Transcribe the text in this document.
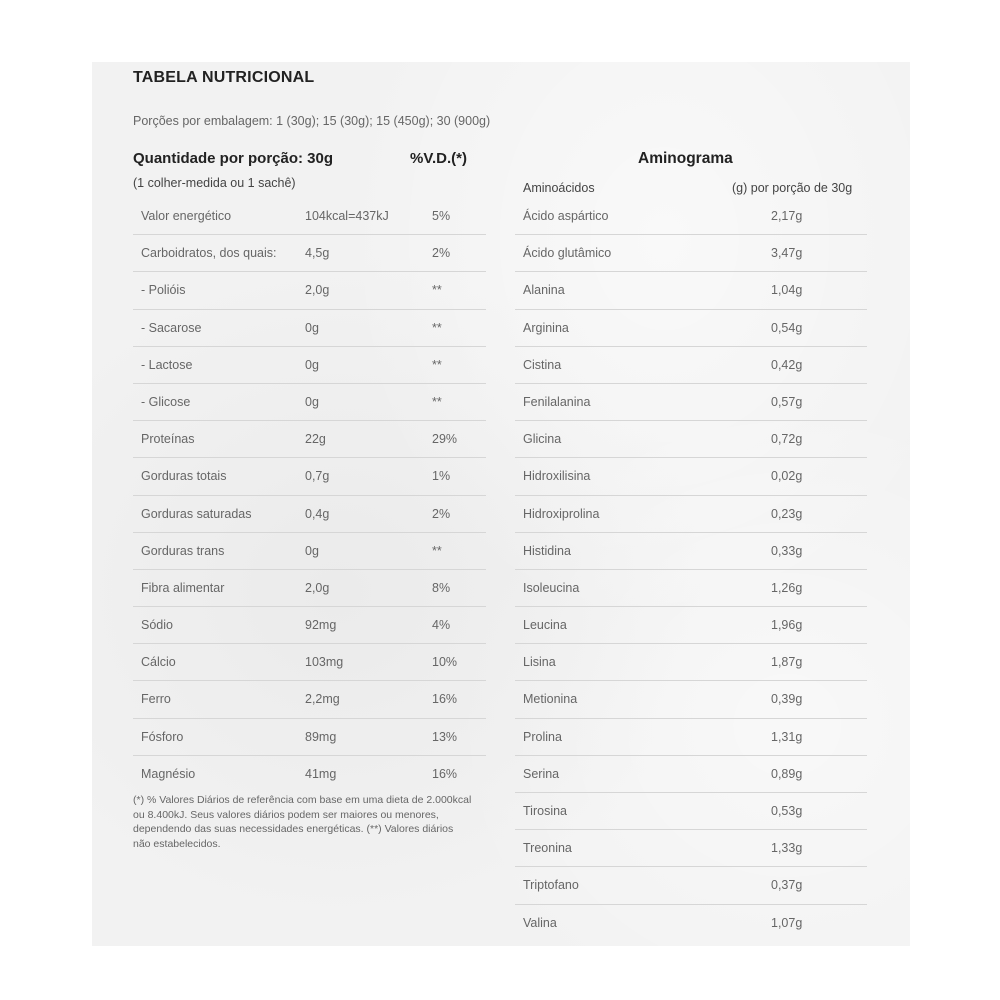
TABELA NUTRICIONAL
Porções por embalagem: 1 (30g); 15 (30g); 15 (450g); 30 (900g)
Quantidade por porção: 30g	%V.D.(*)
(1 colher-medida ou 1 sachê)
Aminograma
Aminoácidos	(g) por porção de 30g
Valor energético	104kcal=437kJ	5%
Carboidratos, dos quais: 4,5g	2%
- Polióis	2,0g	**
- Sacarose	0g	**
- Lactose	0g	**
- Glicose	0g	**
Proteínas	22g	29%
Gorduras totais	0,7g	1%
Gorduras saturadas	0,4g	2%
Gorduras trans	0g	**
Fibra alimentar	2,0g	8%
Sódio	92mg	4%
Cálcio	103mg	10%
Ferro	2,2mg	16%
Fósforo	89mg	13%
Magnésio	41mg	16%
Ácido aspártico	2,17g
Ácido glutâmico	3,47g
Alanina	1,04g
Arginina	0,54g
Cistina	0,42g
Fenilalanina	0,57g
Glicina	0,72g
Hidroxilisina	0,02g
Hidroxiprolina	0,23g
Histidina	0,33g
Isoleucina	1,26g
Leucina	1,96g
Lisina	1,87g
Metionina	0,39g
Prolina	1,31g
Serina	0,89g
Tirosina	0,53g
Treonina	1,33g
Triptofano	0,37g
Valina	1,07g
(*) % Valores Diários de referência com base em uma dieta de 2.000kcal ou 8.400kJ. Seus valores diários podem ser maiores ou menores, dependendo das suas necessidades energéticas. (**) Valores diários não estabelecidos.
